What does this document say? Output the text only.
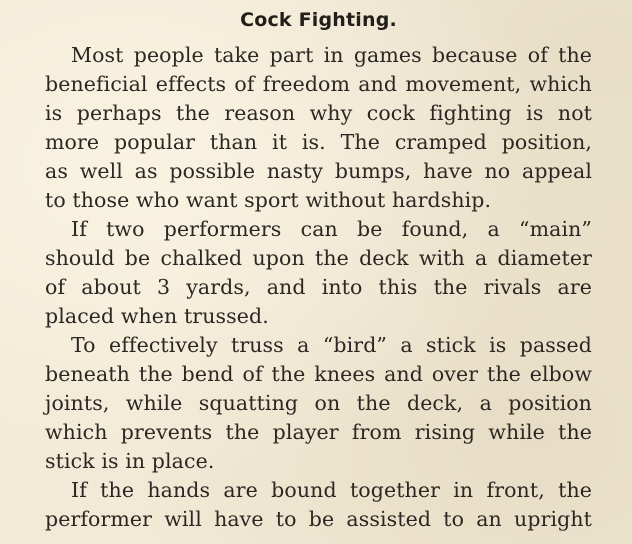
Cock Fighting.
Most people take part in games because of the
beneficial effects of freedom and movement, which
is perhaps the reason why cock fighting is not
more popular than it is. The cramped position,
as well as possible nasty bumps, have no appeal
to those who want sport without hardship.
If two performers can be found, a “main”
should be chalked upon the deck with a diameter
of about 3 yards, and into this the rivals are
placed when trussed.
To effectively truss a “bird” a stick is passed
beneath the bend of the knees and over the elbow
joints, while squatting on the deck, a position
which prevents the player from rising while the
stick is in place.
If the hands are bound together in front, the
performer will have to be assisted to an upright
